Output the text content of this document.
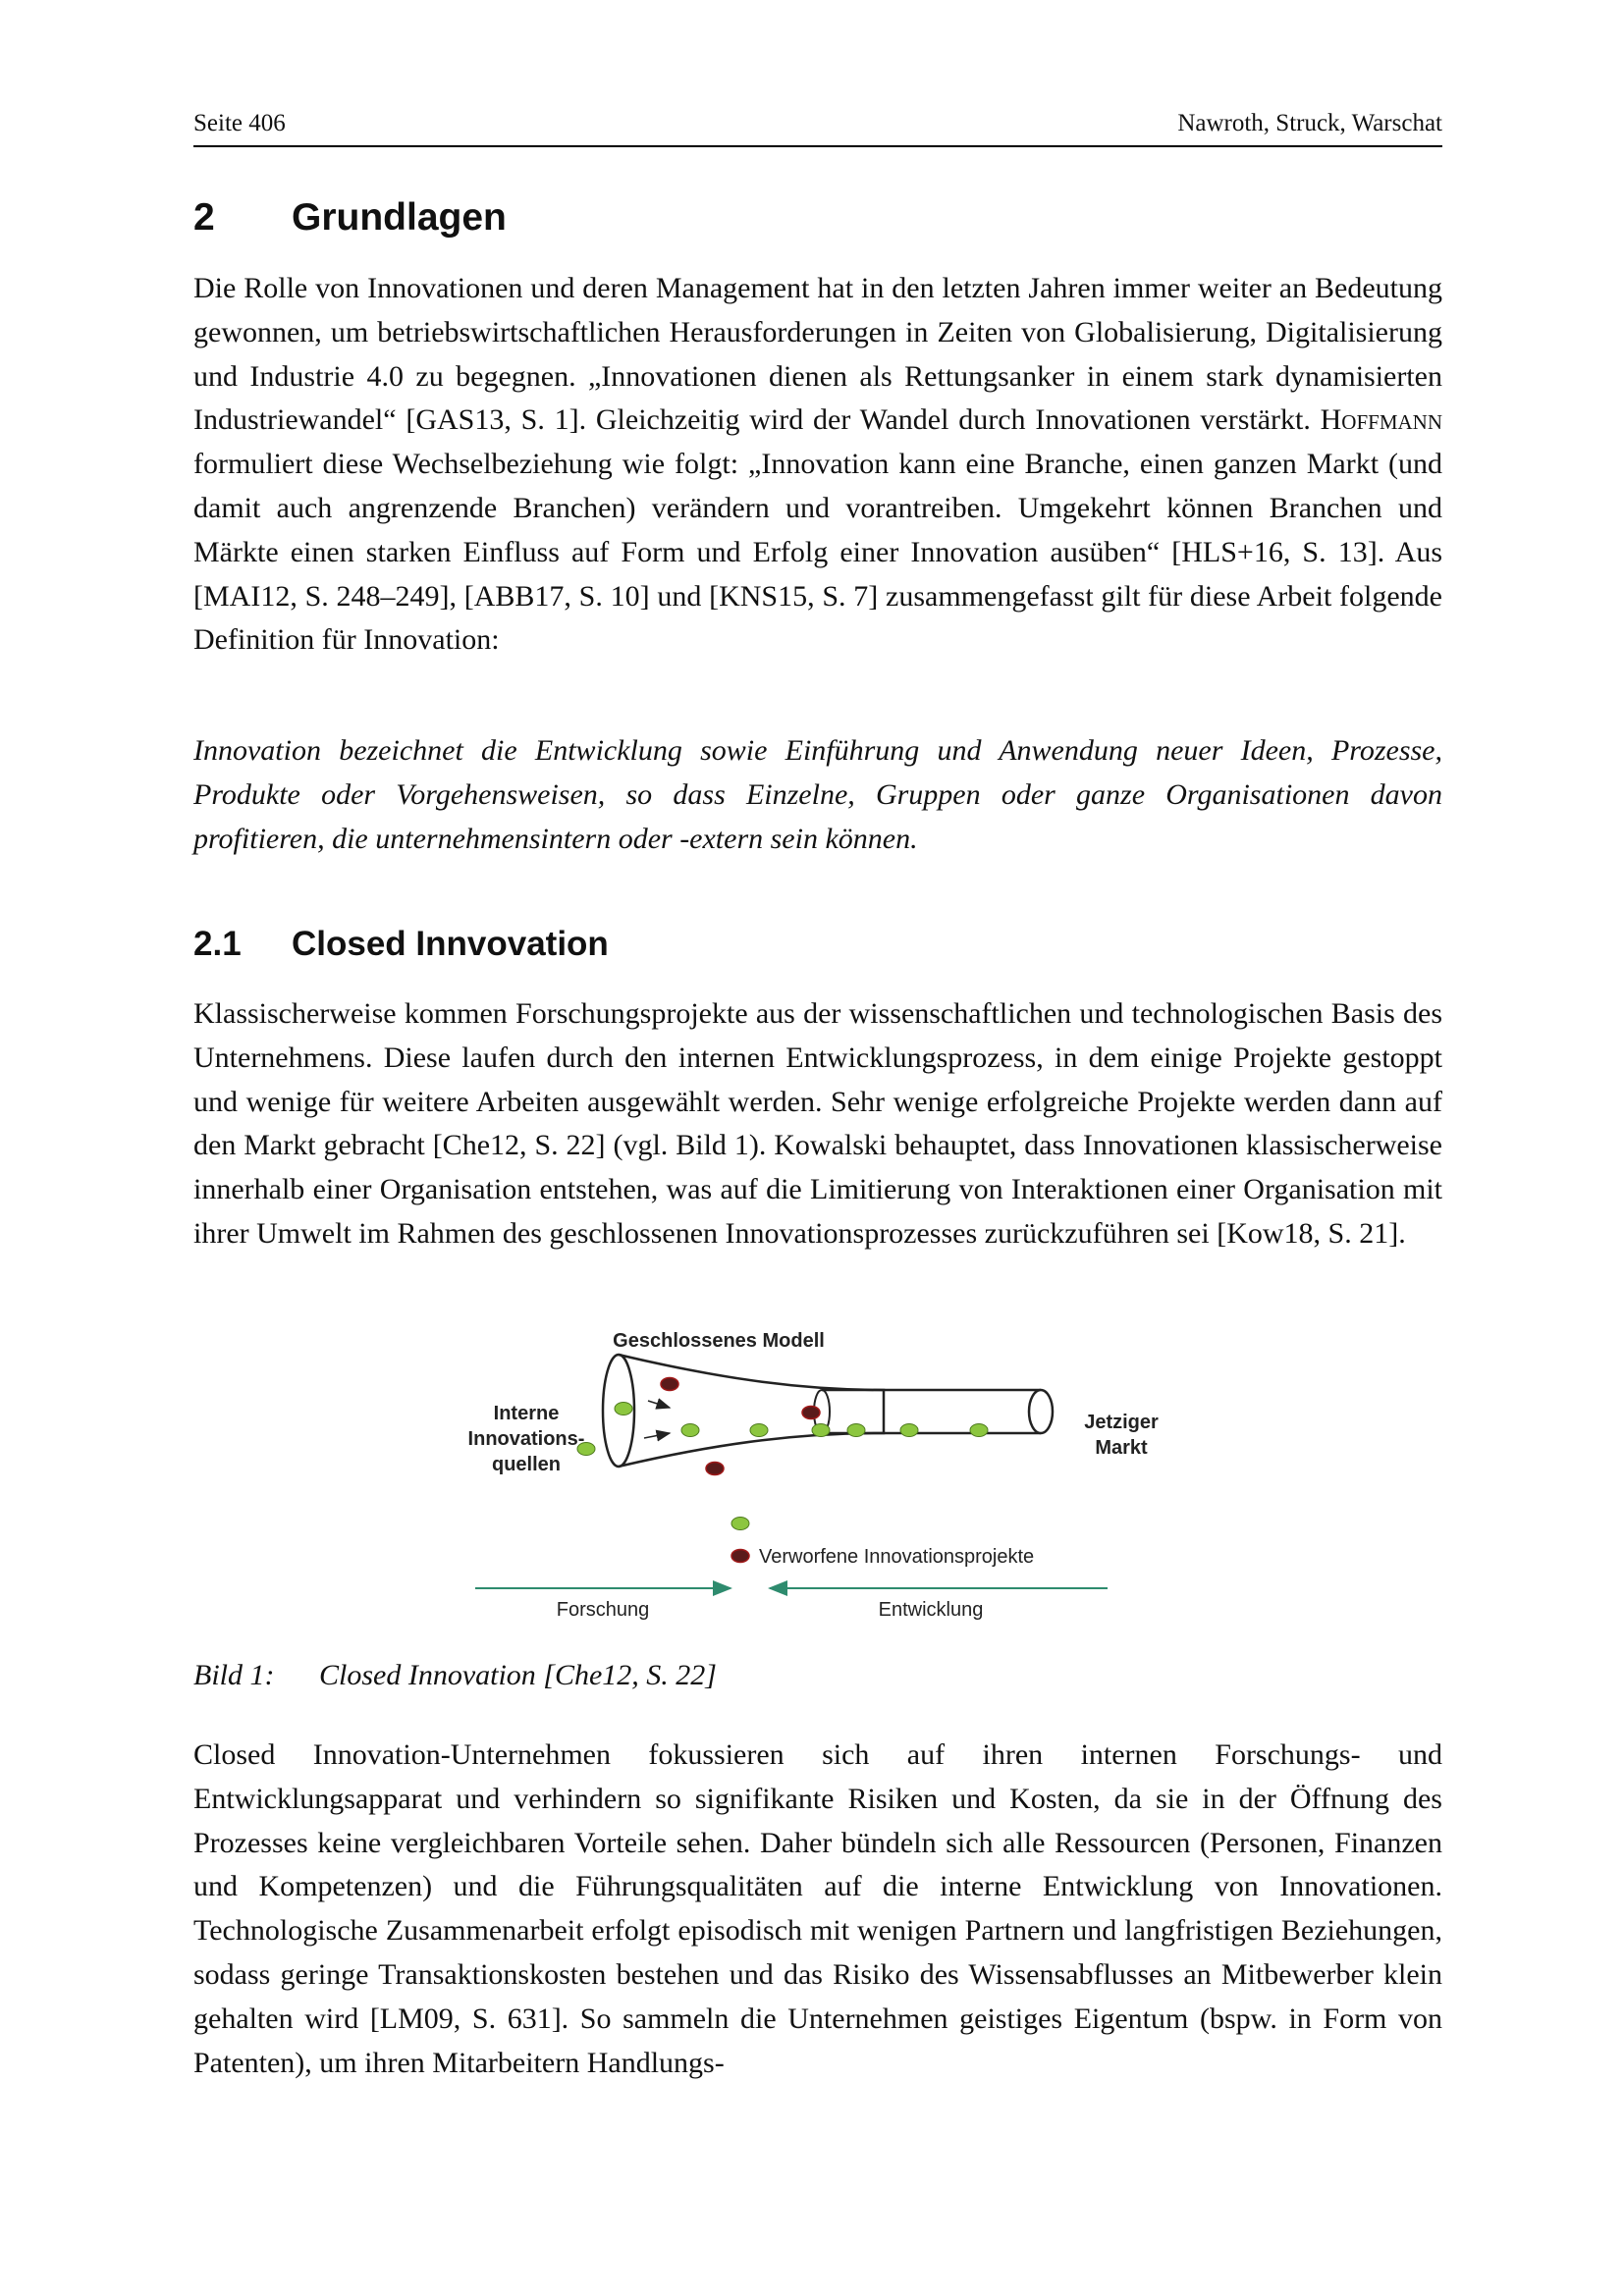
Seite 406	Nawroth, Struck, Warschat
2 Grundlagen

Die Rolle von Innovationen und deren Management hat in den letzten Jahren immer weiter an Bedeutung gewonnen, um betriebswirtschaftlichen Herausforderungen in Zeiten von Globalisierung, Digitalisierung und Industrie 4.0 zu begegnen. „Innovationen dienen als Rettungsanker in einem stark dynamisierten Industriewandel“ [GAS13, S. 1]. Gleichzeitig wird der Wandel durch Innovationen verstärkt. Hoffmann formuliert diese Wechselbeziehung wie folgt: „Innovation kann eine Branche, einen ganzen Markt (und damit auch angrenzende Branchen) verändern und vorantreiben. Umgekehrt können Branchen und Märkte einen starken Einfluss auf Form und Erfolg einer Innovation ausüben“ [HLS+16, S. 13]. Aus [MAI12, S. 248–249], [ABB17, S. 10] und [KNS15, S. 7] zusammengefasst gilt für diese Arbeit folgende Definition für Innovation:

Innovation bezeichnet die Entwicklung sowie Einführung und Anwendung neuer Ideen, Prozesse, Produkte oder Vorgehensweisen, so dass Einzelne, Gruppen oder ganze Organisationen davon profitieren, die unternehmensintern oder -extern sein können.

2.1 Closed Innvovation

Klassischerweise kommen Forschungsprojekte aus der wissenschaftlichen und technologischen Basis des Unternehmens. Diese laufen durch den internen Entwicklungsprozess, in dem einige Projekte gestoppt und wenige für weitere Arbeiten ausgewählt werden. Sehr wenige erfolgreiche Projekte werden dann auf den Markt gebracht [Che12, S. 22] (vgl. Bild 1). Kowalski behauptet, dass Innovationen klassischerweise innerhalb einer Organisation entstehen, was auf die Limitierung von Interaktionen einer Organisation mit ihrer Umwelt im Rahmen des geschlossenen Innovationsprozesses zurückzuführen sei [Kow18, S. 21].

Geschlossenes Modell
Interne
Innovations-
quellen
Jetziger
Markt
Verworfene Innovationsprojekte
Forschung	Entwicklung
Bild 1: Closed Innovation [Che12, S. 22]

Closed Innovation-Unternehmen fokussieren sich auf ihren internen Forschungs- und Entwicklungsapparat und verhindern so signifikante Risiken und Kosten, da sie in der Öffnung des Prozesses keine vergleichbaren Vorteile sehen. Daher bündeln sich alle Ressourcen (Personen, Finanzen und Kompetenzen) und die Führungsqualitäten auf die interne Entwicklung von Innovationen. Technologische Zusammenarbeit erfolgt episodisch mit wenigen Partnern und langfristigen Beziehungen, sodass geringe Transaktionskosten bestehen und das Risiko des Wissensabflusses an Mitbewerber klein gehalten wird [LM09, S. 631]. So sammeln die Unternehmen geistiges Eigentum (bspw. in Form von Patenten), um ihren Mitarbeitern Handlungs-
